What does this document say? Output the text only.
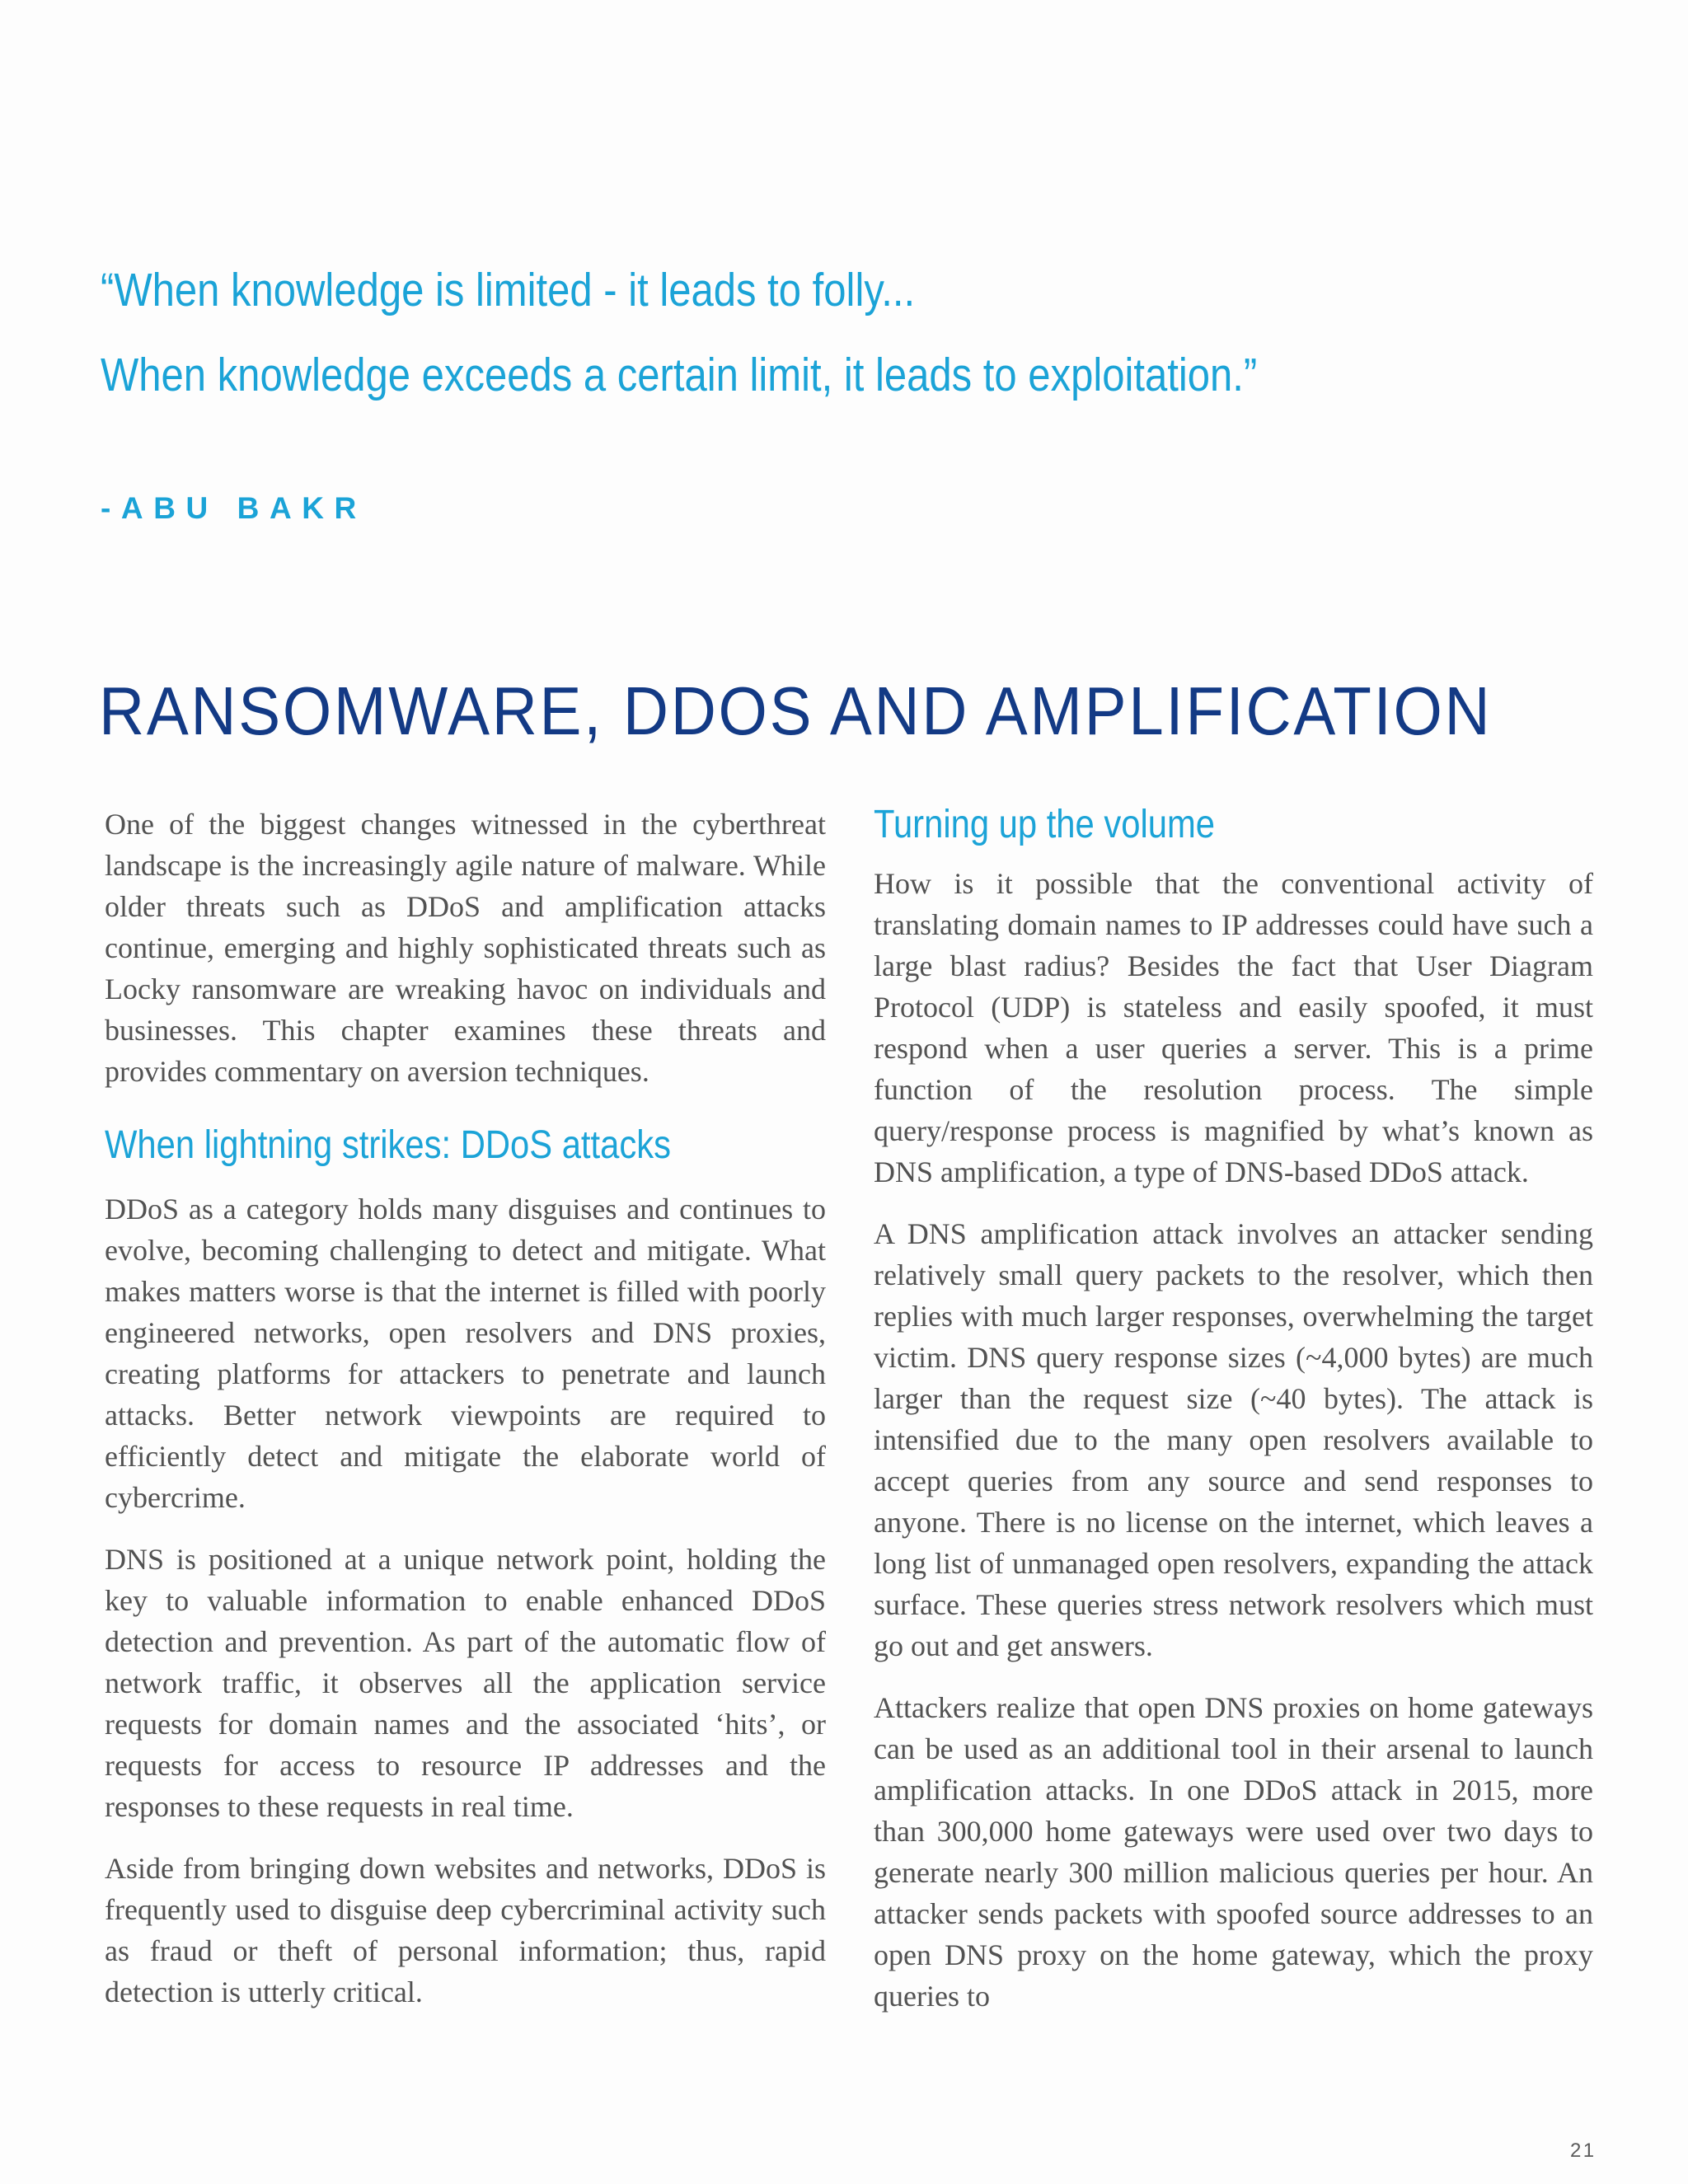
“When knowledge is limited - it leads to folly...

When knowledge exceeds a certain limit, it leads to exploitation.”

-ABU BAKR
RANSOMWARE, DDOS AND AMPLIFICATION

One of the biggest changes witnessed in the cyberthreat landscape is the increasingly agile nature of malware. While older threats such as DDoS and amplification attacks continue, emerging and highly sophisticated threats such as Locky ransomware are wreaking havoc on individuals and businesses. This chapter examines these threats and provides commentary on aversion techniques.

When lightning strikes: DDoS attacks

DDoS as a category holds many disguises and continues to evolve, becoming challenging to detect and mitigate. What makes matters worse is that the internet is filled with poorly engineered networks, open resolvers and DNS proxies, creating platforms for attackers to penetrate and launch attacks. Better network viewpoints are required to efficiently detect and mitigate the elaborate world of cybercrime.

DNS is positioned at a unique network point, holding the key to valuable information to enable enhanced DDoS detection and prevention. As part of the automatic flow of network traffic, it observes all the application service requests for domain names and the associated ‘hits’, or requests for access to resource IP addresses and the responses to these requests in real time.

Aside from bringing down websites and networks, DDoS is frequently used to disguise deep cybercriminal activity such as fraud or theft of personal information; thus, rapid detection is utterly critical.

Turning up the volume

How is it possible that the conventional activity of translating domain names to IP addresses could have such a large blast radius? Besides the fact that User Diagram Protocol (UDP) is stateless and easily spoofed, it must respond when a user queries a server. This is a prime function of the resolution process. The simple query/response process is magnified by what’s known as DNS amplification, a type of DNS-based DDoS attack.

A DNS amplification attack involves an attacker sending relatively small query packets to the resolver, which then replies with much larger responses, overwhelming the target victim. DNS query response sizes (~4,000 bytes) are much larger than the request size (~40 bytes). The attack is intensified due to the many open resolvers available to accept queries from any source and send responses to anyone. There is no license on the internet, which leaves a long list of unmanaged open resolvers, expanding the attack surface. These queries stress network resolvers which must go out and get answers.

Attackers realize that open DNS proxies on home gateways can be used as an additional tool in their arsenal to launch amplification attacks. In one DDoS attack in 2015, more than 300,000 home gateways were used over two days to generate nearly 300 million malicious queries per hour. An attacker sends packets with spoofed source addresses to an open DNS proxy on the home gateway, which the proxy queries to

21
